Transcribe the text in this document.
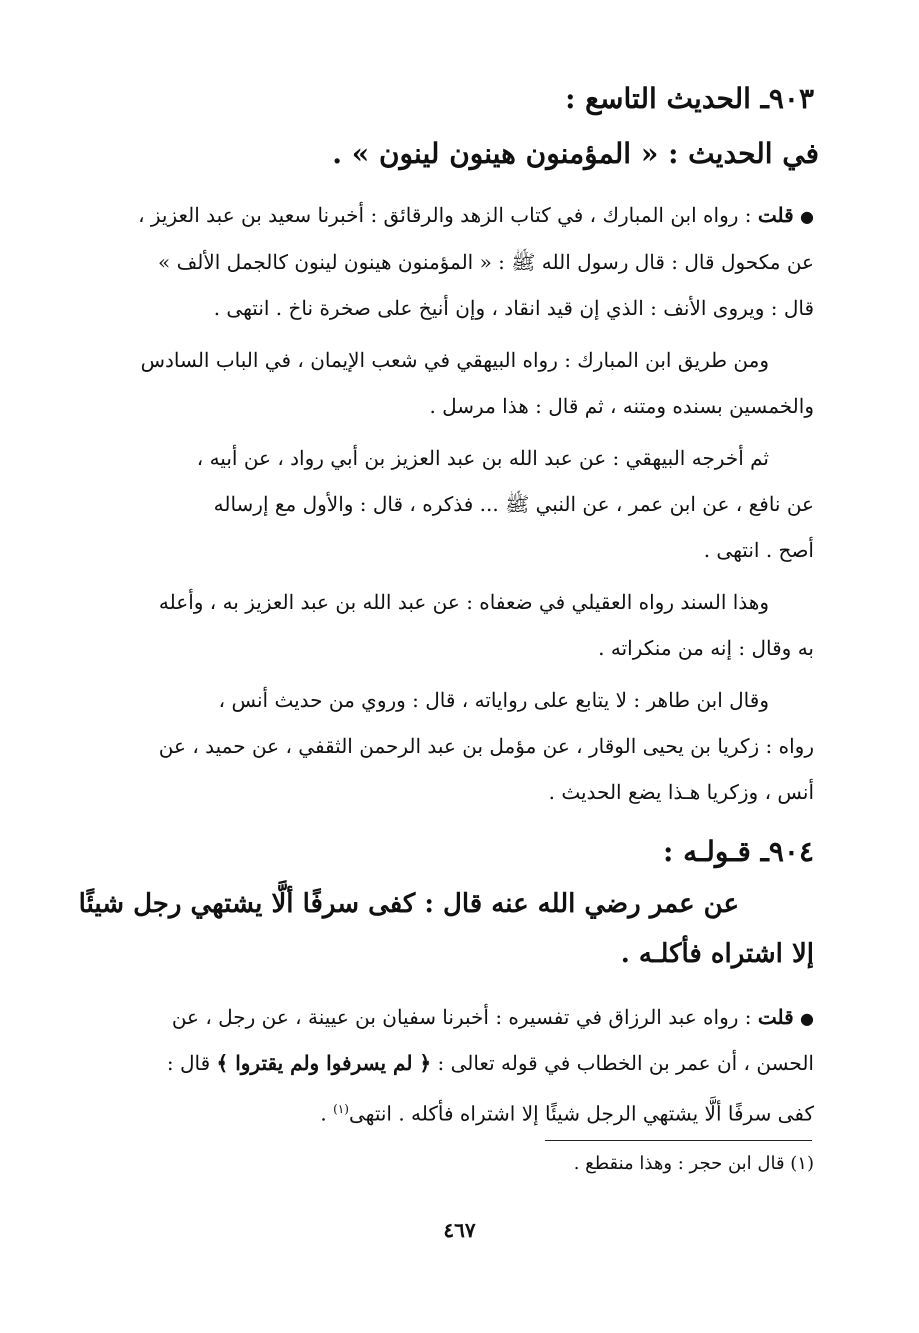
٩٠٣ـ الحديث التاسع :
في الحديث : « المؤمنون هينون لينون » .
● قلت : رواه ابن المبارك ، في كتاب الزهد والرقائق : أخبرنا سعيد بن عبد العزيز ،
عن مكحول قال : قال رسول الله ﷺ : « المؤمنون هينون لينون كالجمل الألف »
قال : ويروى الأنف : الذي إن قيد انقاد ، وإن أنيخ على صخرة ناخ . انتهى .
ومن طريق ابن المبارك : رواه البيهقي في شعب الإيمان ، في الباب السادس
والخمسين بسنده ومتنه ، ثم قال : هذا مرسل .
ثم أخرجه البيهقي : عن عبد الله بن عبد العزيز بن أبي رواد ، عن أبيه ،
عن نافع ، عن ابن عمر ، عن النبي ﷺ ... فذكره ، قال : والأول مع إرساله
أصح . انتهى .
وهذا السند رواه العقيلي في ضعفاه : عن عبد الله بن عبد العزيز به ، وأعله
به وقال : إنه من منكراته .
وقال ابن طاهر : لا يتابع على رواياته ، قال : وروي من حديث أنس ،
رواه : زكريا بن يحيى الوقار ، عن مؤمل بن عبد الرحمن الثقفي ، عن حميد ، عن
أنس ، وزكريا هـذا يضع الحديث .
٩٠٤ـ قـولـه :
عن عمر رضي الله عنه قال : كفى سرفًا ألَّا يشتهي رجل شيئًا
إلا اشتراه فأكلـه .
● قلت : رواه عبد الرزاق في تفسيره : أخبرنا سفيان بن عيينة ، عن رجل ، عن
الحسن ، أن عمر بن الخطاب في قوله تعالى : ﴿ لم يسرفوا ولم يقتروا ﴾ قال :
كفى سرفًا ألَّا يشتهي الرجل شيئًا إلا اشتراه فأكله . انتهى$^{(١)}$ .
(١) قال ابن حجر : وهذا منقطع .
٤٦٧
